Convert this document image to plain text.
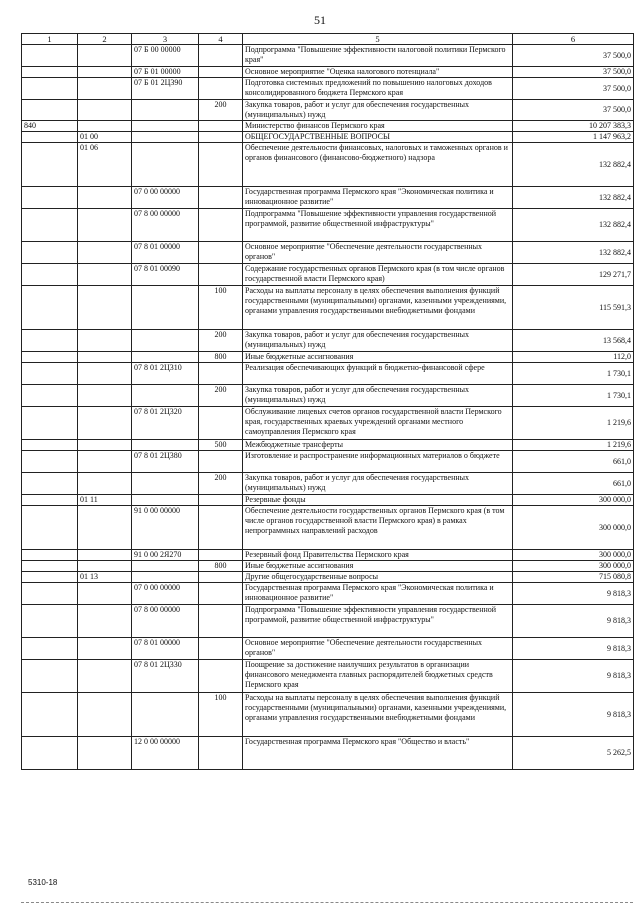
51
1	2	3	4	5	6
		07 Б 00 00000		Подпрограмма "Повышение эффективности налоговой политики Пермского края"	37 500,0
		07 Б 01 00000		Основное мероприятие "Оценка налогового потенциала"	37 500,0
		07 Б 01 2Ц390		Подготовка системных предложений по повышению налоговых доходов консолидированного бюджета Пермского края	37 500,0
			200	Закупка товаров, работ и услуг для обеспечения государственных (муниципальных) нужд	37 500,0
840				Министерство финансов Пермского края	10 207 383,3
	01 00			ОБЩЕГОСУДАРСТВЕННЫЕ ВОПРОСЫ	1 147 963,2
	01 06			Обеспечение деятельности финансовых, налоговых и таможенных органов и органов финансового (финансово-бюджетного) надзора	132 882,4
		07 0 00 00000		Государственная программа Пермского края "Экономическая политика и инновационное развитие"	132 882,4
		07 8 00 00000		Подпрограмма "Повышение эффективности управления государственной программой, развитие общественной инфраструктуры"	132 882,4
		07 8 01 00000		Основное мероприятие "Обеспечение деятельности государственных органов"	132 882,4
		07 8 01 00090		Содержание государственных органов Пермского края (в том числе органов государственной власти Пермского края)	129 271,7
			100	Расходы на выплаты персоналу в целях обеспечения выполнения функций государственными (муниципальными) органами, казенными учреждениями, органами управления государственными внебюджетными фондами	115 591,3
			200	Закупка товаров, работ и услуг для обеспечения государственных (муниципальных) нужд	13 568,4
			800	Иные бюджетные ассигнования	112,0
		07 8 01 2Ц310		Реализация обеспечивающих функций в бюджетно-финансовой сфере	1 730,1
			200	Закупка товаров, работ и услуг для обеспечения государственных (муниципальных) нужд	1 730,1
		07 8 01 2Ц320		Обслуживание лицевых счетов органов государственной власти Пермского края, государственных краевых учреждений органами местного самоуправления Пермского края	1 219,6
			500	Межбюджетные трансферты	1 219,6
		07 8 01 2Ц380		Изготовление и распространение информационных материалов о бюджете	661,0
			200	Закупка товаров, работ и услуг для обеспечения государственных (муниципальных) нужд	661,0
	01 11			Резервные фонды	300 000,0
		91 0 00 00000		Обеспечение деятельности государственных органов Пермского края (в том числе органов государственной власти Пермского края) в рамках непрограммных направлений расходов	300 000,0
		91 0 00 2Я270		Резервный фонд Правительства Пермского края	300 000,0
			800	Иные бюджетные ассигнования	300 000,0
	01 13			Другие общегосударственные вопросы	715 080,8
		07 0 00 00000		Государственная программа Пермского края "Экономическая политика и инновационное развитие"	9 818,3
		07 8 00 00000		Подпрограмма "Повышение эффективности управления государственной программой, развитие общественной инфраструктуры"	9 818,3
		07 8 01 00000		Основное мероприятие "Обеспечение деятельности государственных органов"	9 818,3
		07 8 01 2Ц330		Поощрение за достижение наилучших результатов в организации финансового менеджмента главных распорядителей бюджетных средств Пермского края	9 818,3
			100	Расходы на выплаты персоналу в целях обеспечения выполнения функций государственными (муниципальными) органами, казенными учреждениями, органами управления государственными внебюджетными фондами	9 818,3
		12 0 00 00000		Государственная программа Пермского края "Общество и власть"	5 262,5
5310-18
